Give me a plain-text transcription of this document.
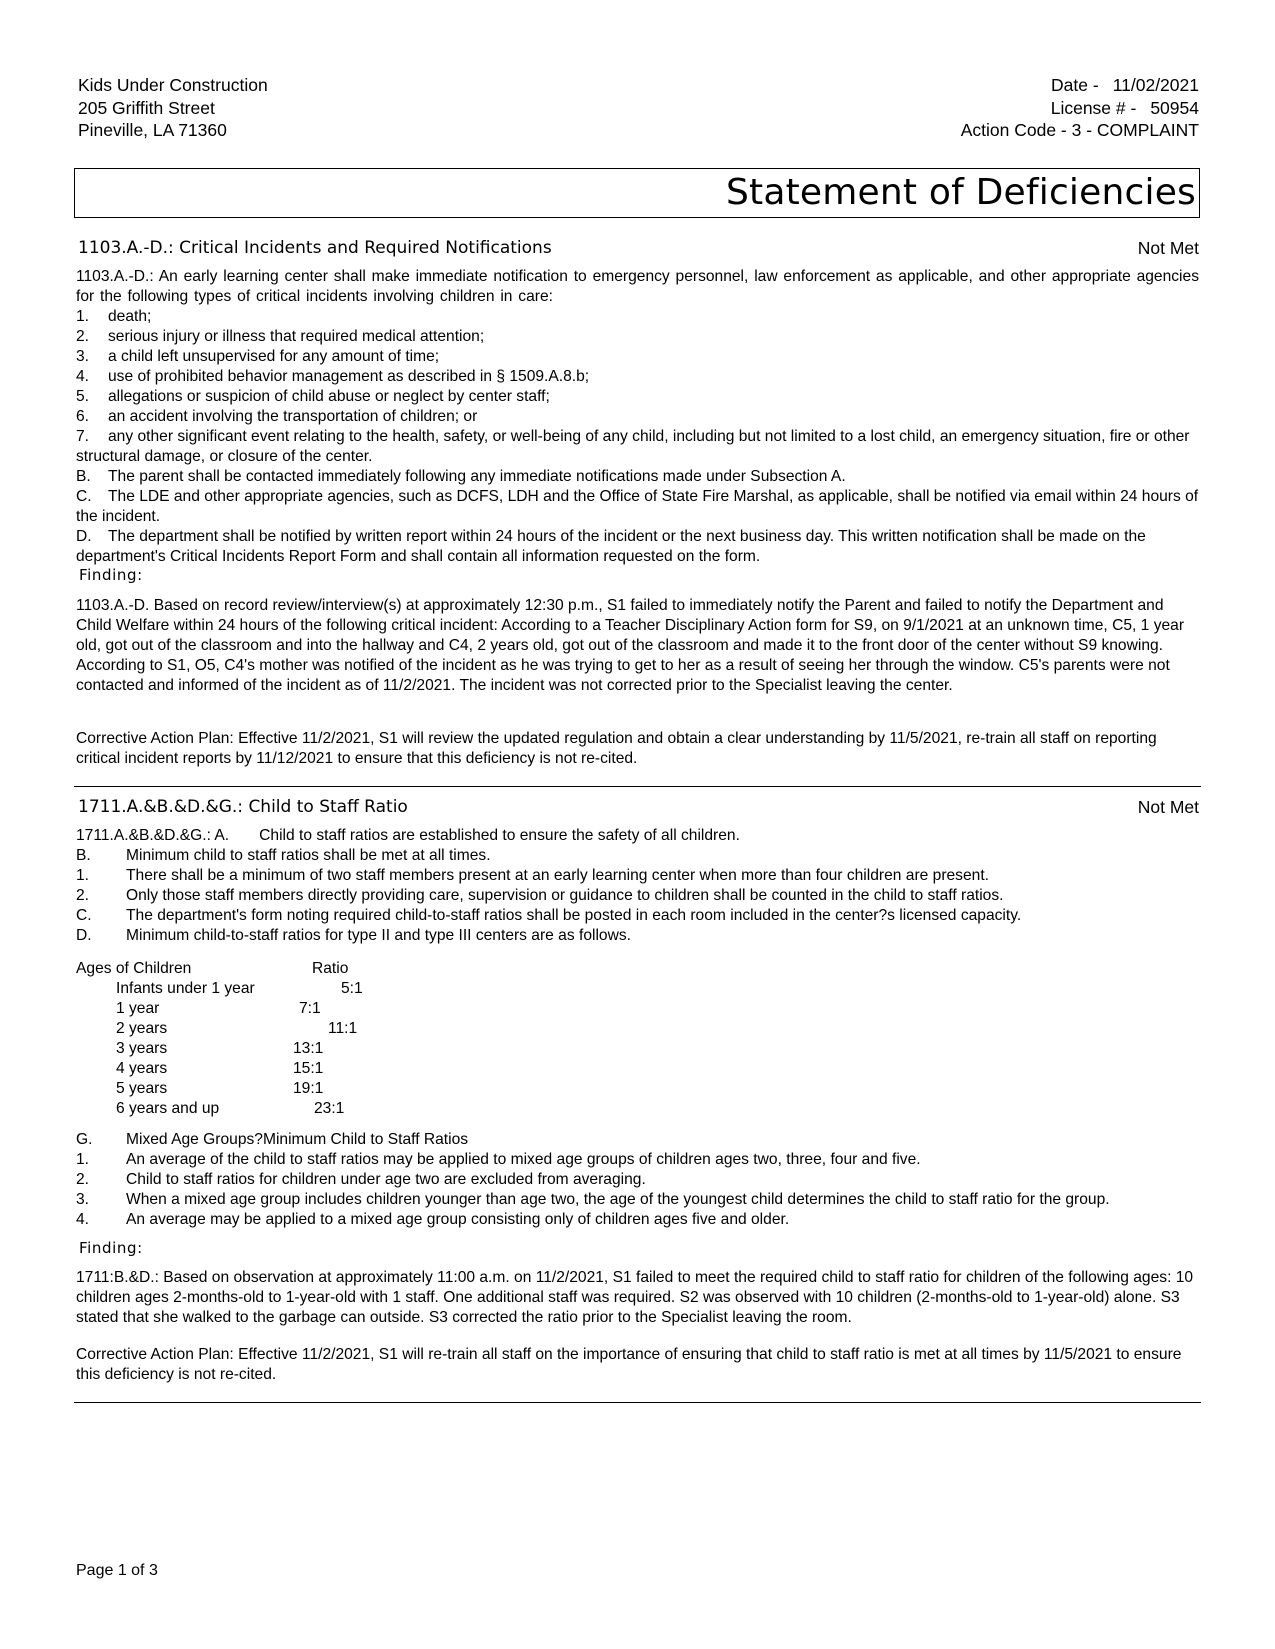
Kids Under Construction
205 Griffith Street
Pineville, LA 71360
Date - 11/02/2021
License # - 50954
Action Code - 3 - COMPLAINT
Statement of Deficiencies
1103.A.-D.: Critical Incidents and Required Notifications	Not Met

1103.A.-D.: An early learning center shall make immediate notification to emergency personnel, law enforcement as applicable, and other appropriate agencies for the following types of critical incidents involving children in care:

1. death;
2. serious injury or illness that required medical attention;
3. a child left unsupervised for any amount of time;
4. use of prohibited behavior management as described in § 1509.A.8.b;
5. allegations or suspicion of child abuse or neglect by center staff;
6. an accident involving the transportation of children; or
7. any other significant event relating to the health, safety, or well-being of any child, including but not limited to a lost child, an emergency situation, fire or other structural damage, or closure of the center.
B. The parent shall be contacted immediately following any immediate notifications made under Subsection A.
C. The LDE and other appropriate agencies, such as DCFS, LDH and the Office of State Fire Marshal, as applicable, shall be notified via email within 24 hours of the incident.
D. The department shall be notified by written report within 24 hours of the incident or the next business day. This written notification shall be made on the department's Critical Incidents Report Form and shall contain all information requested on the form.
Finding:

1103.A.-D. Based on record review/interview(s) at approximately 12:30 p.m., S1 failed to immediately notify the Parent and failed to notify the Department and Child Welfare within 24 hours of the following critical incident: According to a Teacher Disciplinary Action form for S9, on 9/1/2021 at an unknown time, C5, 1 year old, got out of the classroom and into the hallway and C4, 2 years old, got out of the classroom and made it to the front door of the center without S9 knowing. According to S1, O5, C4's mother was notified of the incident as he was trying to get to her as a result of seeing her through the window. C5's parents were not contacted and informed of the incident as of 11/2/2021. The incident was not corrected prior to the Specialist leaving the center.

Corrective Action Plan: Effective 11/2/2021, S1 will review the updated regulation and obtain a clear understanding by 11/5/2021, re-train all staff on reporting critical incident reports by 11/12/2021 to ensure that this deficiency is not re-cited.

1711.A.&B.&D.&G.: Child to Staff Ratio	Not Met
1711.A.&B.&D.&G.: A. Child to staff ratios are established to ensure the safety of all children.
B. Minimum child to staff ratios shall be met at all times.
1. There shall be a minimum of two staff members present at an early learning center when more than four children are present.
2. Only those staff members directly providing care, supervision or guidance to children shall be counted in the child to staff ratios.
C. The department's form noting required child-to-staff ratios shall be posted in each room included in the center?s licensed capacity.
D. Minimum child-to-staff ratios for type II and type III centers are as follows.
Ages of Children	Ratio
Infants under 1 year	5:1
1 year	7:1
2 years	11:1
3 years	13:1
4 years	15:1
5 years	19:1
6 years and up	23:1
G. Mixed Age Groups?Minimum Child to Staff Ratios
1. An average of the child to staff ratios may be applied to mixed age groups of children ages two, three, four and five.
2. Child to staff ratios for children under age two are excluded from averaging.
3. When a mixed age group includes children younger than age two, the age of the youngest child determines the child to staff ratio for the group.
4. An average may be applied to a mixed age group consisting only of children ages five and older.
Finding:

1711:B.&D.: Based on observation at approximately 11:00 a.m. on 11/2/2021, S1 failed to meet the required child to staff ratio for children of the following ages: 10 children ages 2-months-old to 1-year-old with 1 staff. One additional staff was required. S2 was observed with 10 children (2-months-old to 1-year-old) alone. S3 stated that she walked to the garbage can outside. S3 corrected the ratio prior to the Specialist leaving the room.

Corrective Action Plan: Effective 11/2/2021, S1 will re-train all staff on the importance of ensuring that child to staff ratio is met at all times by 11/5/2021 to ensure this deficiency is not re-cited.

Page 1 of 3
